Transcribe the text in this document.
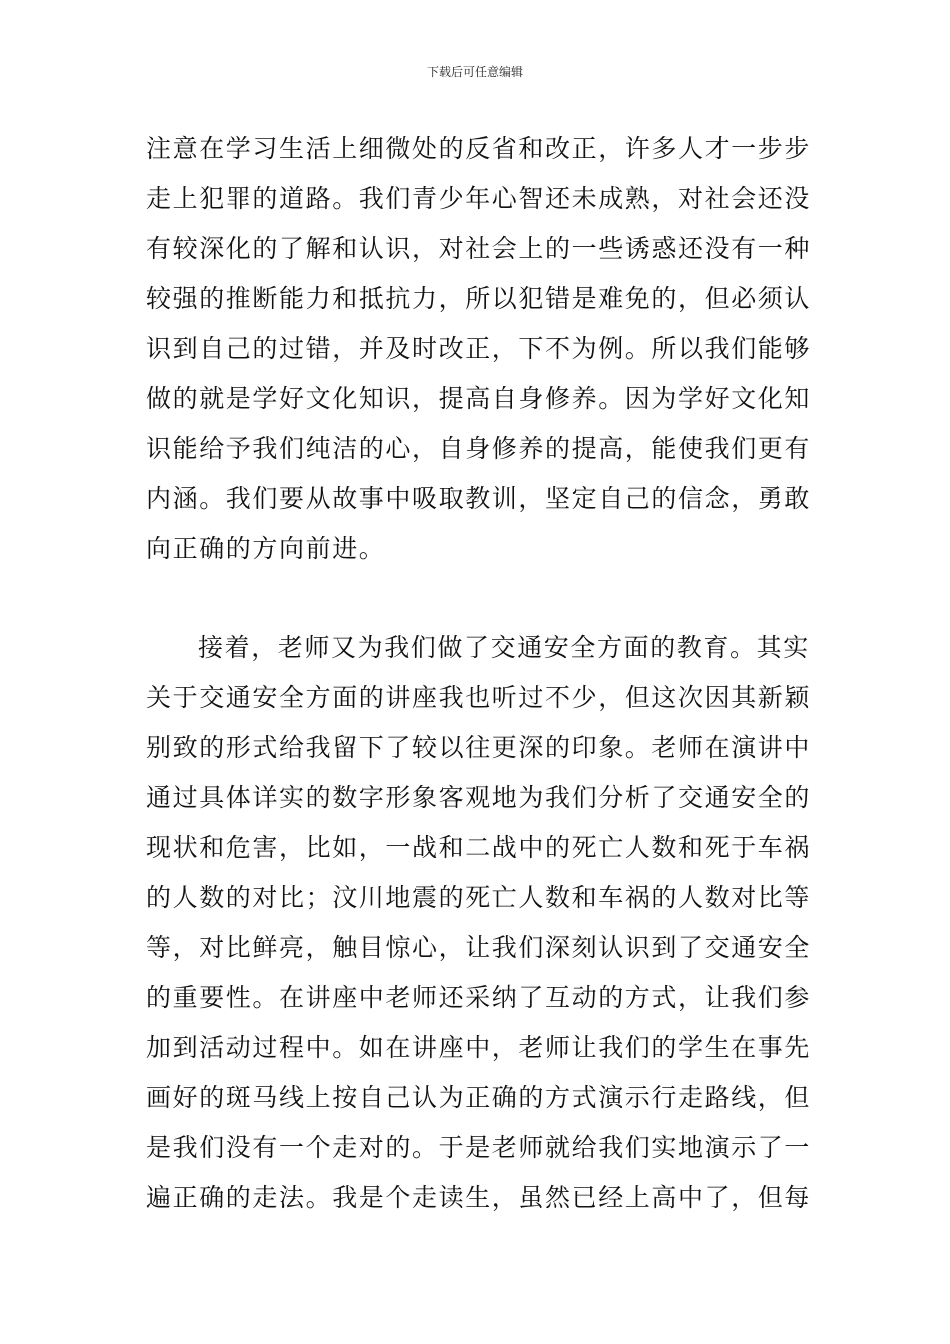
下载后可任意编辑
注意在学习生活上细微处的反省和改正，许多人才一步步
走上犯罪的道路。我们青少年心智还未成熟，对社会还没
有较深化的了解和认识，对社会上的一些诱惑还没有一种
较强的推断能力和抵抗力，所以犯错是难免的，但必须认
识到自己的过错，并及时改正，下不为例。所以我们能够
做的就是学好文化知识，提高自身修养。因为学好文化知
识能给予我们纯洁的心，自身修养的提高，能使我们更有
内涵。我们要从故事中吸取教训，坚定自己的信念，勇敢
向正确的方向前进。
接着，老师又为我们做了交通安全方面的教育。其实
关于交通安全方面的讲座我也听过不少，但这次因其新颖
别致的形式给我留下了较以往更深的印象。老师在演讲中
通过具体详实的数字形象客观地为我们分析了交通安全的
现状和危害，比如，一战和二战中的死亡人数和死于车祸
的人数的对比；汶川地震的死亡人数和车祸的人数对比等
等，对比鲜亮，触目惊心，让我们深刻认识到了交通安全
的重要性。在讲座中老师还采纳了互动的方式，让我们参
加到活动过程中。如在讲座中，老师让我们的学生在事先
画好的斑马线上按自己认为正确的方式演示行走路线，但
是我们没有一个走对的。于是老师就给我们实地演示了一
遍正确的走法。我是个走读生，虽然已经上高中了，但每
